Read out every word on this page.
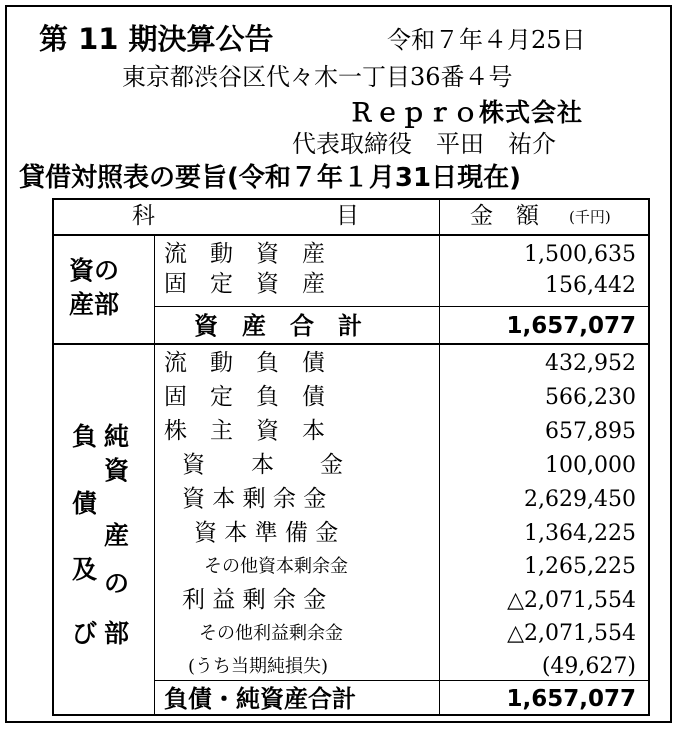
第 11 期決算公告	令和７年４月25日
東京都渋谷区代々木一丁目36番４号
Ｒｅｐｒｏ株式会社
代表取締役　平田　祐介
貸借対照表の要旨(令和７年１月31日現在)
科	目	金　額 (千円)
資の
産部
流　動　資　産	1,500,635
固　定　資　産	156,442
資　産　合　計	1,657,077
負
債
及
び
純
資
産
の
部
流　動　負　債	432,952
固　定　負　債	566,230
株　主　資　本	657,895
資　　本　　金	100,000
資 本 剰 余 金	2,629,450
資 本 準 備 金	1,364,225
その他資本剰余金	1,265,225
利 益 剰 余 金	△2,071,554
その他利益剰余金	△2,071,554
(うち当期純損失)	(49,627)
負債・純資産合計	1,657,077
